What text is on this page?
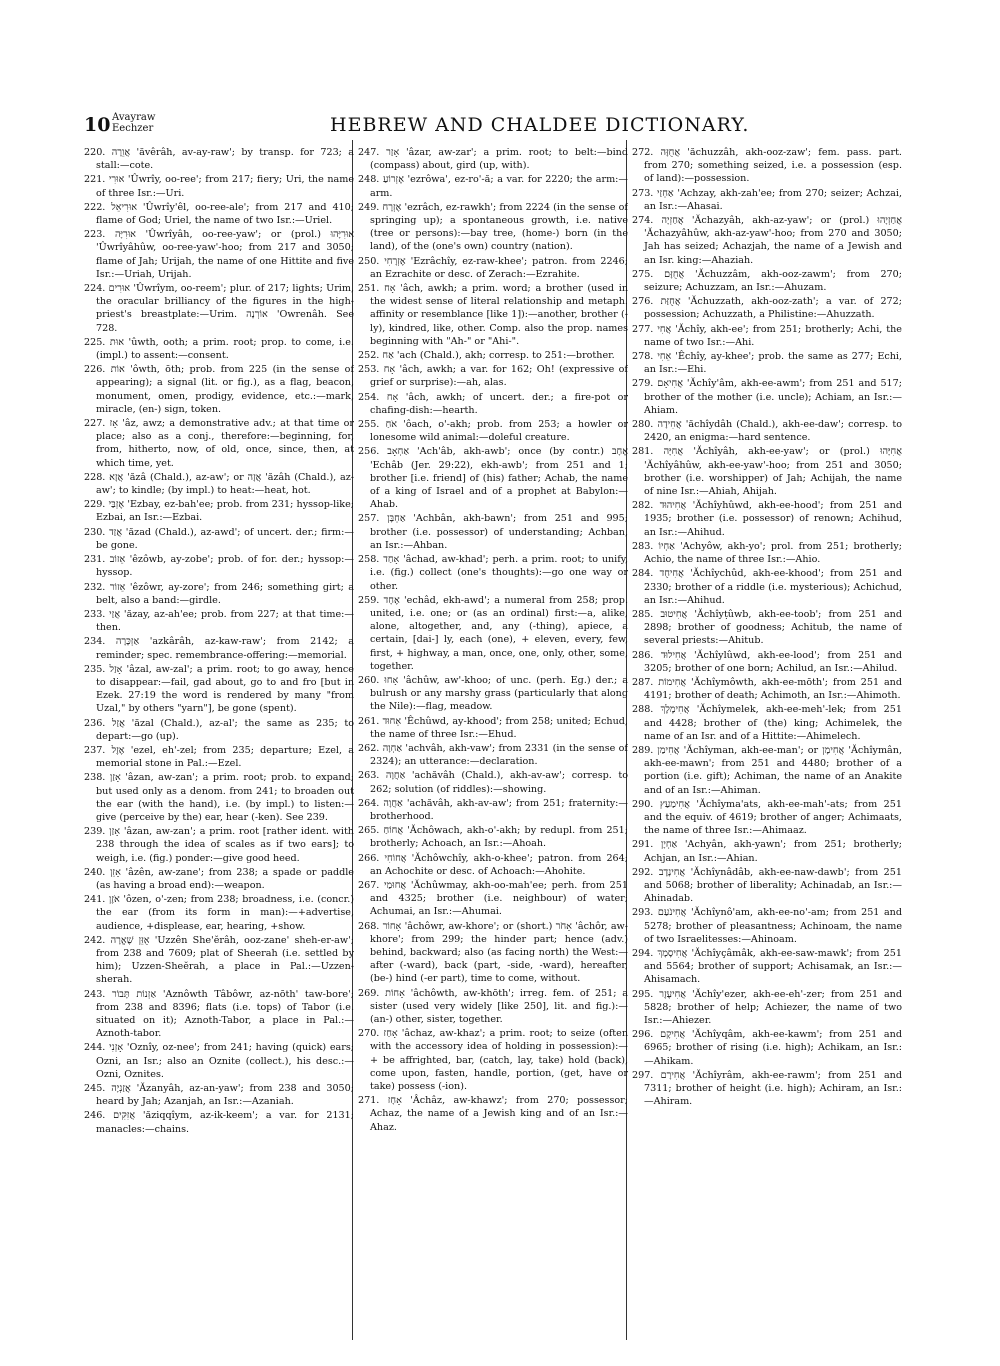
10 Avayraw
Eechzer	HEBREW AND CHALDEE DICTIONARY.
220. אֲוֵרָה 'ăvêrâh, av-ay-raw'; by transp. for 723; a stall:—cote.
221. אוּרִי 'Ûwrîy, oo-ree'; from 217; fiery; Uri, the name of three Isr.:—Uri.
222. אוּרִיאֵל 'Ûwrîy'êl, oo-ree-ale'; from 217 and 410; flame of God; Uriel, the name of two Isr.:—Uriel.
223. אוּרִיָּה 'Ûwrîyâh, oo-ree-yaw'; or (prol.) אוּרִיָּהוּ 'Ûwrîyâhûw, oo-ree-yaw'-hoo; from 217 and 3050; flame of Jah; Urijah, the name of one Hittite and five Isr.:—Uriah, Urijah.
224. אוּרִים 'Ûwrîym, oo-reem'; plur. of 217; lights; Urim, the oracular brilliancy of the figures in the high-priest's breastplate:—Urim. אוֹרְנָה 'Owrenâh. See 728.
225. אוּת 'ûwth, ooth; a prim. root; prop. to come, i.e. (impl.) to assent:—consent.
226. אוֹת 'ôwth, ōth; prob. from 225 (in the sense of appearing); a signal (lit. or fig.), as a flag, beacon, monument, omen, prodigy, evidence, etc.:—mark, miracle, (en-) sign, token.
227. אָז 'âz, awz; a demonstrative adv.; at that time or place; also as a conj., therefore:—beginning, for, from, hitherto, now, of old, once, since, then, at which time, yet.
228. אֲזָא 'ăzâ (Chald.), az-aw'; or אֲזָה 'ăzâh (Chald.), az-aw'; to kindle; (by impl.) to heat:—heat, hot.
229. אֶזְבַּי 'Ezbay, ez-bah'ee; prob. from 231; hyssop-like; Ezbai, an Isr.:—Ezbai.
230. אֲזַד 'ăzad (Chald.), az-awd'; of uncert. der.; firm:—be gone.
231. אֵזוֹב 'êzôwb, ay-zobe'; prob. of for. der.; hyssop:—hyssop.
232. אֵזוֹר 'êzôwr, ay-zore'; from 246; something girt; a belt, also a band:—girdle.
233. אֲזַי 'ăzay, az-ah'ee; prob. from 227; at that time:—then.
234. אַזְכָּרָה 'azkârâh, az-kaw-raw'; from 2142; a reminder; spec. remembrance-offering:—memorial.
235. אָזַל 'âzal, aw-zal'; a prim. root; to go away, hence to disappear:—fail, gad about, go to and fro [but in Ezek. 27:19 the word is rendered by many "from Uzal," by others "yarn"], be gone (spent).
236. אֲזַל 'ăzal (Chald.), az-al'; the same as 235; to depart:—go (up).
237. אֶזֶל 'ezel, eh'-zel; from 235; departure; Ezel, a memorial stone in Pal.:—Ezel.
238. אָזַן 'âzan, aw-zan'; a prim. root; prob. to expand; but used only as a denom. from 241; to broaden out the ear (with the hand), i.e. (by impl.) to listen:—give (perceive by the) ear, hear (-ken). See 239.
239. אָזַן 'âzan, aw-zan'; a prim. root [rather ident. with 238 through the idea of scales as if two ears]; to weigh, i.e. (fig.) ponder:—give good heed.
240. אָזֵן 'âzên, aw-zane'; from 238; a spade or paddle (as having a broad end):—weapon.
241. אֹזֶן 'ôzen, o'-zen; from 238; broadness, i.e. (concr.) the ear (from its form in man):—+advertise, audience, +displease, ear, hearing, +show.
242. אֻזֵּן שֶׁאֱרָה 'Uzzên She'ĕrâh, ooz-zane' sheh-er-aw'; from 238 and 7609; plat of Sheerah (i.e. settled by him); Uzzen-Sheĕrah, a place in Pal.:—Uzzen-sherah.
243. אַזְנוֹת תָּבוֹר 'Aznôwth Tâbôwr, az-nōth' taw-bore'; from 238 and 8396; flats (i.e. tops) of Tabor (i.e. situated on it); Aznoth-Tabor, a place in Pal.:—Aznoth-tabor.
244. אָזְנִי 'Oznîy, oz-nee'; from 241; having (quick) ears; Ozni, an Isr.; also an Oznite (collect.), his desc.:—Ozni, Oznites.
245. אֲזַנְיָה 'Ăzanyâh, az-an-yaw'; from 238 and 3050; heard by Jah; Azanjah, an Isr.:—Azaniah.
246. אֲזִקִּים 'ăziqqîym, az-ik-keem'; a var. for 2131; manacles:—chains.
247. אָזַר 'âzar, aw-zar'; a prim. root; to belt:—bind (compass) about, gird (up, with).
248. אֶזְרוֹעַ 'ezrôwa', ez-ro'-ă; a var. for 2220; the arm:—arm.
249. אֶזְרָח 'ezrâch, ez-rawkh'; from 2224 (in the sense of springing up); a spontaneous growth, i.e. native (tree or persons):—bay tree, (home-) born (in the land), of the (one's own) country (nation).
250. אֶזְרָחִי 'Ezrâchîy, ez-raw-khee'; patron. from 2246; an Ezrachite or desc. of Zerach:—Ezrahite.
251. אָח 'âch, awkh; a prim. word; a brother (used in the widest sense of literal relationship and metaph. affinity or resemblance [like 1]):—another, brother (-ly), kindred, like, other. Comp. also the prop. names beginning with "Ah-" or "Ahi-".
252. אַח 'ach (Chald.), akh; corresp. to 251:—brother.
253. אָח 'âch, awkh; a var. for 162; Oh! (expressive of grief or surprise):—ah, alas.
254. אָח 'âch, awkh; of uncert. der.; a fire-pot or chafing-dish:—hearth.
255. אֹחַ 'ôach, o'-akh; prob. from 253; a howler or lonesome wild animal:—doleful creature.
256. אַחְאָב 'Ach'âb, akh-awb'; once (by contr.) אֶחָב 'Echâb (Jer. 29:22), ekh-awb'; from 251 and 1; brother [i.e. friend] of (his) father; Achab, the name of a king of Israel and of a prophet at Babylon:—Ahab.
257. אַחְבָּן 'Achbân, akh-bawn'; from 251 and 995; brother (i.e. possessor) of understanding; Achban, an Isr.:—Ahban.
258. אָחַד 'âchad, aw-khad'; perh. a prim. root; to unify, i.e. (fig.) collect (one's thoughts):—go one way or other.
259. אֶחָד 'echâd, ekh-awd'; a numeral from 258; prop. united, i.e. one; or (as an ordinal) first:—a, alike, alone, altogether, and, any (-thing), apiece, a certain, [dai-] ly, each (one), + eleven, every, few, first, + highway, a man, once, one, only, other, some, together.
260. אָחוּ 'âchûw, aw'-khoo; of unc. (perh. Eg.) der.; a bulrush or any marshy grass (particularly that along the Nile):—flag, meadow.
261. אֵחוּד 'Êchûwd, ay-khood'; from 258; united; Echud, the name of three Isr.:—Ehud.
262. אַחְוָה 'achvâh, akh-vaw'; from 2331 (in the sense of 2324); an utterance:—declaration.
263. אַחֲוָה 'achăvâh (Chald.), akh-av-aw'; corresp. to 262; solution (of riddles):—showing.
264. אַחֲוָה 'achăvâh, akh-av-aw'; from 251; fraternity:—brotherhood.
265. אֲחוֹחַ 'Ăchôwach, akh-o'-akh; by redupl. from 251; brotherly; Achoach, an Isr.:—Ahoah.
266. אֲחוֹחִי 'Ăchôwchîy, akh-o-khee'; patron. from 264; an Achochite or desc. of Achoach:—Ahohite.
267. אֲחוּמַי 'Ăchûwmay, akh-oo-mah'ee; perh. from 251 and 4325; brother (i.e. neighbour) of water; Achumai, an Isr.:—Ahumai.
268. אָחוֹר 'âchôwr, aw-khore'; or (short.) אָחֹר 'âchôr, aw-khore'; from 299; the hinder part; hence (adv.) behind, backward; also (as facing north) the West:—after (-ward), back (part, -side, -ward), hereafter, (be-) hind (-er part), time to come, without.
269. אָחוֹת 'âchôwth, aw-khōth'; irreg. fem. of 251; a sister (used very widely [like 250], lit. and fig.):—(an-) other, sister, together.
270. אָחַז 'âchaz, aw-khaz'; a prim. root; to seize (often with the accessory idea of holding in possession):— + be affrighted, bar, (catch, lay, take) hold (back), come upon, fasten, handle, portion, (get, have or take) possess (-ion).
271. אָחָז 'Âchâz, aw-khawz'; from 270; possessor; Achaz, the name of a Jewish king and of an Isr.:—Ahaz.
272. אֲחֻזָּה 'ăchuzzâh, akh-ooz-zaw'; fem. pass. part. from 270; something seized, i.e. a possession (esp. of land):—possession.
273. אַחְזַי 'Achzay, akh-zah'ee; from 270; seizer; Achzai, an Isr.:—Ahasai.
274. אֲחַזְיָה 'Ăchazyâh, akh-az-yaw'; or (prol.) אֲחַזְיָהוּ 'Ăchazyâhûw, akh-az-yaw'-hoo; from 270 and 3050; Jah has seized; Achazjah, the name of a Jewish and an Isr. king:—Ahaziah.
275. אֲחֻזָּם 'Ăchuzzâm, akh-ooz-zawm'; from 270; seizure; Achuzzam, an Isr.:—Ahuzam.
276. אֲחֻזַּת 'Ăchuzzath, akh-ooz-zath'; a var. of 272; possession; Achuzzath, a Philistine:—Ahuzzath.
277. אֲחִי 'Ăchîy, akh-ee'; from 251; brotherly; Achi, the name of two Isr.:—Ahi.
278. אֵחִי 'Êchîy, ay-khee'; prob. the same as 277; Echi, an Isr.:—Ehi.
279. אֲחִיאָם 'Ăchîy'âm, akh-ee-awm'; from 251 and 517; brother of the mother (i.e. uncle); Achiam, an Isr.:—Ahiam.
280. אֲחִידָה 'ăchîydâh (Chald.), akh-ee-daw'; corresp. to 2420, an enigma:—hard sentence.
281. אֲחִיָּה 'Ăchîyâh, akh-ee-yaw'; or (prol.) אֲחִיָּהוּ 'Ăchîyâhûw, akh-ee-yaw'-hoo; from 251 and 3050; brother (i.e. worshipper) of Jah; Achijah, the name of nine Isr.:—Ahiah, Ahijah.
282. אֲחִיהוּד 'Ăchîyhûwd, akh-ee-hood'; from 251 and 1935; brother (i.e. possessor) of renown; Achihud, an Isr.:—Ahihud.
283. אַחְיוֹ 'Achyôw, akh-yo'; prol. from 251; brotherly; Achio, the name of three Isr.:—Ahio.
284. אֲחִיחֻד 'Ăchîychûd, akh-ee-khood'; from 251 and 2330; brother of a riddle (i.e. mysterious); Achichud, an Isr.:—Ahihud.
285. אֲחִיטוּב 'Ăchîyṭûwb, akh-ee-toob'; from 251 and 2898; brother of goodness; Achitub, the name of several priests:—Ahitub.
286. אֲחִילוּד 'Ăchîylûwd, akh-ee-lood'; from 251 and 3205; brother of one born; Achilud, an Isr.:—Ahilud.
287. אֲחִימוֹת 'Ăchîymôwth, akh-ee-mōth'; from 251 and 4191; brother of death; Achimoth, an Isr.:—Ahimoth.
288. אֲחִימֶלֶךְ 'Ăchîymelek, akh-ee-meh'-lek; from 251 and 4428; brother of (the) king; Achimelek, the name of an Isr. and of a Hittite:—Ahimelech.
289. אֲחִימַן 'Ăchîyman, akh-ee-man'; or אֲחִימָן 'Ăchîymân, akh-ee-mawn'; from 251 and 4480; brother of a portion (i.e. gift); Achiman, the name of an Anakite and of an Isr.:—Ahiman.
290. אֲחִימַעַץ 'Ăchîyma'ats, akh-ee-mah'-ats; from 251 and the equiv. of 4619; brother of anger; Achimaats, the name of three Isr.:—Ahimaaz.
291. אַחְיָן 'Achyân, akh-yawn'; from 251; brotherly; Achjan, an Isr.:—Ahian.
292. אֲחִינָדָב 'Ăchîynâdâb, akh-ee-naw-dawb'; from 251 and 5068; brother of liberality; Achinadab, an Isr.:—Ahinadab.
293. אֲחִינֹעַם 'Ăchîynô'am, akh-ee-no'-am; from 251 and 5278; brother of pleasantness; Achinoam, the name of two Israelitesses:—Ahinoam.
294. אֲחִיסָמָךְ 'Ăchîyçâmâk, akh-ee-saw-mawk'; from 251 and 5564; brother of support; Achisamak, an Isr.:—Ahisamach.
295. אֲחִיעֶזֶר 'Ăchîy'ezer, akh-ee-eh'-zer; from 251 and 5828; brother of help; Achiezer, the name of two Isr.:—Ahiezer.
296. אֲחִיקָם 'Ăchîyqâm, akh-ee-kawm'; from 251 and 6965; brother of rising (i.e. high); Achikam, an Isr.:—Ahikam.
297. אֲחִירָם 'Ăchîyrâm, akh-ee-rawm'; from 251 and 7311; brother of height (i.e. high); Achiram, an Isr.:—Ahiram.
